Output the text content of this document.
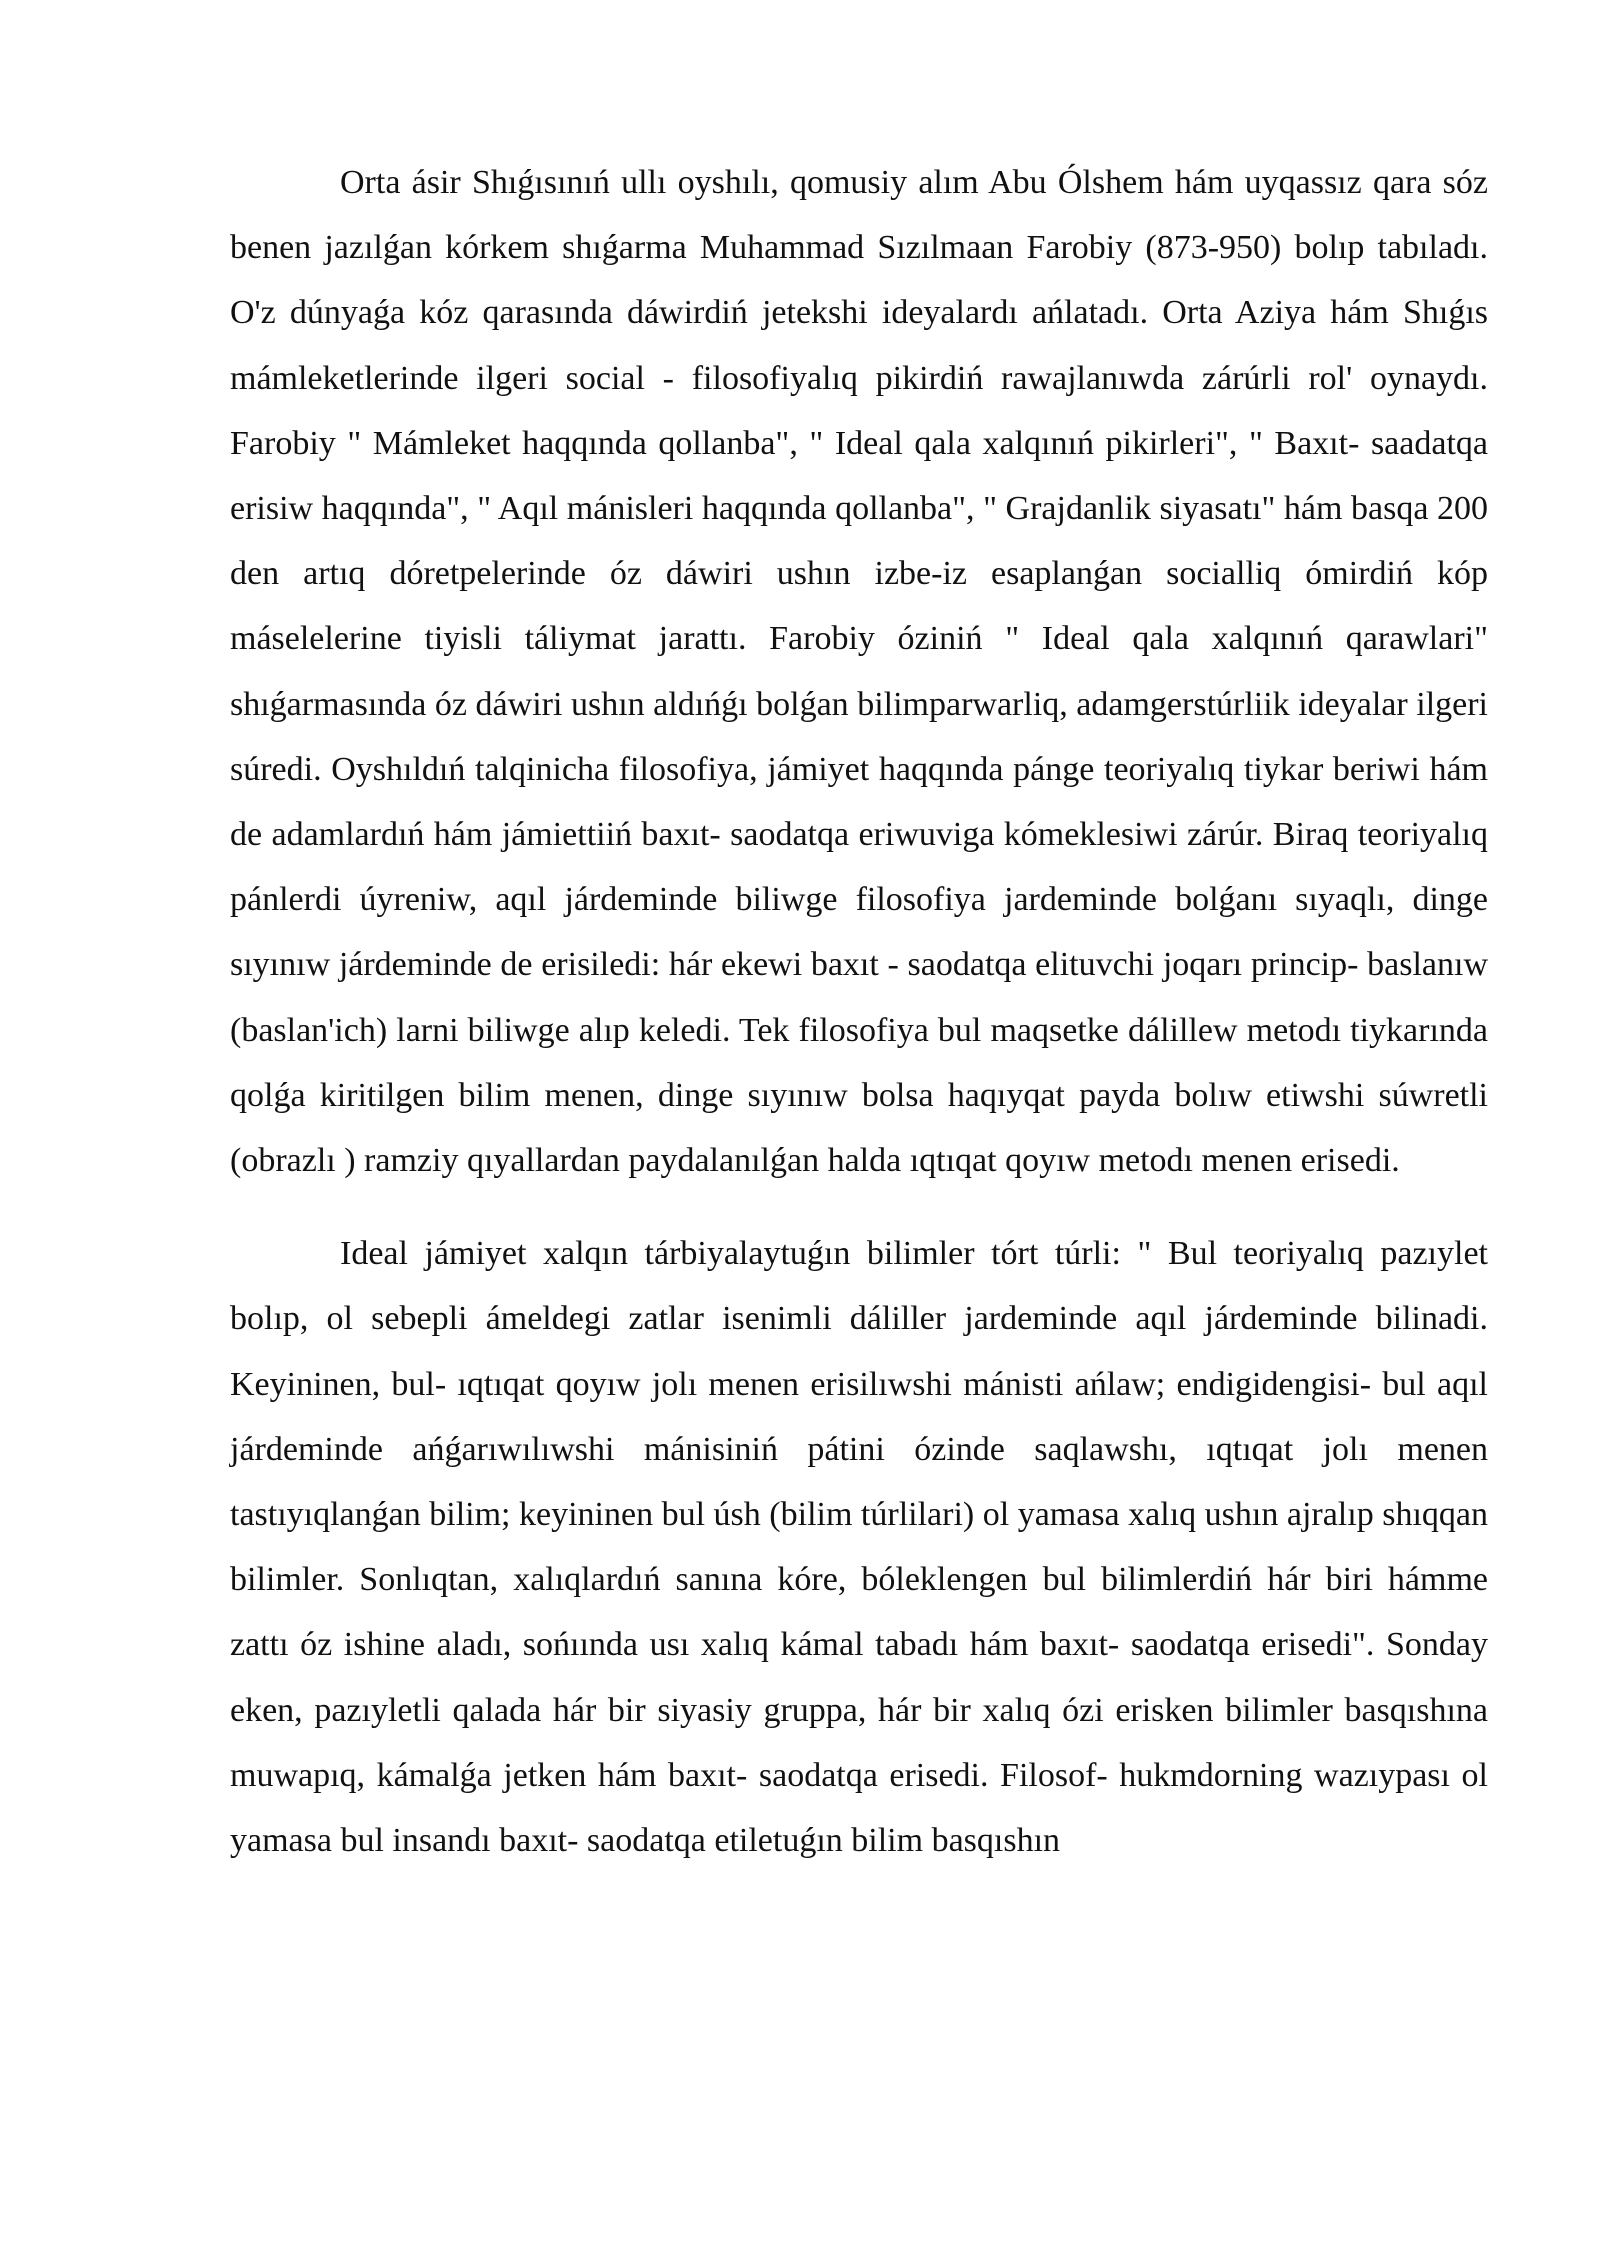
Orta ásir Shıǵısınıń ullı oyshılı, qomusiy alım Abu Ólshem hám uyqassız qara sóz benen jazılǵan kórkem shıǵarma Muhammad Sızılmaan Farobiy (873-950) bolıp tabıladı. O'z dúnyaǵa kóz qarasında dáwirdiń jetekshi ideyalardı ańlatadı. Orta Aziya hám Shıǵıs mámleketlerinde ilgeri social - filosofiyalıq pikirdiń rawajlanıwda zárúrli rol' oynaydı. Farobiy " Mámleket haqqında qollanba", " Ideal qala xalqınıń pikirleri", " Baxıt- saadatqa erisiw haqqında", " Aqıl mánisleri haqqında qollanba", " Grajdanlik siyasatı" hám basqa 200 den artıq dóretpelerinde óz dáwiri ushın izbe-iz esaplanǵan socialliq ómirdiń kóp máselelerine tiyisli táliymat jarattı. Farobiy óziniń " Ideal qala xalqınıń qarawlari" shıǵarmasında óz dáwiri ushın aldıńǵı bolǵan bilimparwarliq, adamgerstúrliik ideyalar ilgeri súredi. Oyshıldıń talqinicha filosofiya, jámiyet haqqında pánge teoriyalıq tiykar beriwi hám de adamlardıń hám jámiettiiń baxıt- saodatqa eriwuviga kómeklesiwi zárúr. Biraq teoriyalıq pánlerdi úyreniw, aqıl járdeminde biliwge filosofiya jardeminde bolǵanı sıyaqlı, dinge sıyınıw járdeminde de erisiledi: hár ekewi baxıt - saodatqa elituvchi joqarı princip- baslanıw (baslan'ich) larni biliwge alıp keledi. Tek filosofiya bul maqsetke dálillew metodı tiykarında qolǵa kiritilgen bilim menen, dinge sıyınıw bolsa haqıyqat payda bolıw etiwshi súwretli (obrazlı ) ramziy qıyallardan paydalanılǵan halda ıqtıqat qoyıw metodı menen erisedi.

Ideal jámiyet xalqın tárbiyalaytuǵın bilimler tórt túrli: " Bul teoriyalıq pazıylet bolıp, ol sebepli ámeldegi zatlar isenimli dáliller jardeminde aqıl járdeminde bilinadi. Keyininen, bul- ıqtıqat qoyıw jolı menen erisilıwshi mánisti ańlaw; endigidengisi- bul aqıl járdeminde ańǵarıwılıwshi mánisiniń pátini ózinde saqlawshı, ıqtıqat jolı menen tastıyıqlanǵan bilim; keyininen bul úsh (bilim túrlilari) ol yamasa xalıq ushın ajralıp shıqqan bilimler. Sonlıqtan, xalıqlardıń sanına kóre, bóleklengen bul bilimlerdiń hár biri hámme zattı óz ishine aladı, sońıında usı xalıq kámal tabadı hám baxıt- saodatqa erisedi". Sonday eken, pazıyletli qalada hár bir siyasiy gruppa, hár bir xalıq ózi erisken bilimler basqıshına muwapıq, kámalǵa jetken hám baxıt- saodatqa erisedi. Filosof- hukmdorning wazıypası ol yamasa bul insandı baxıt- saodatqa etiletuǵın bilim basqıshın
